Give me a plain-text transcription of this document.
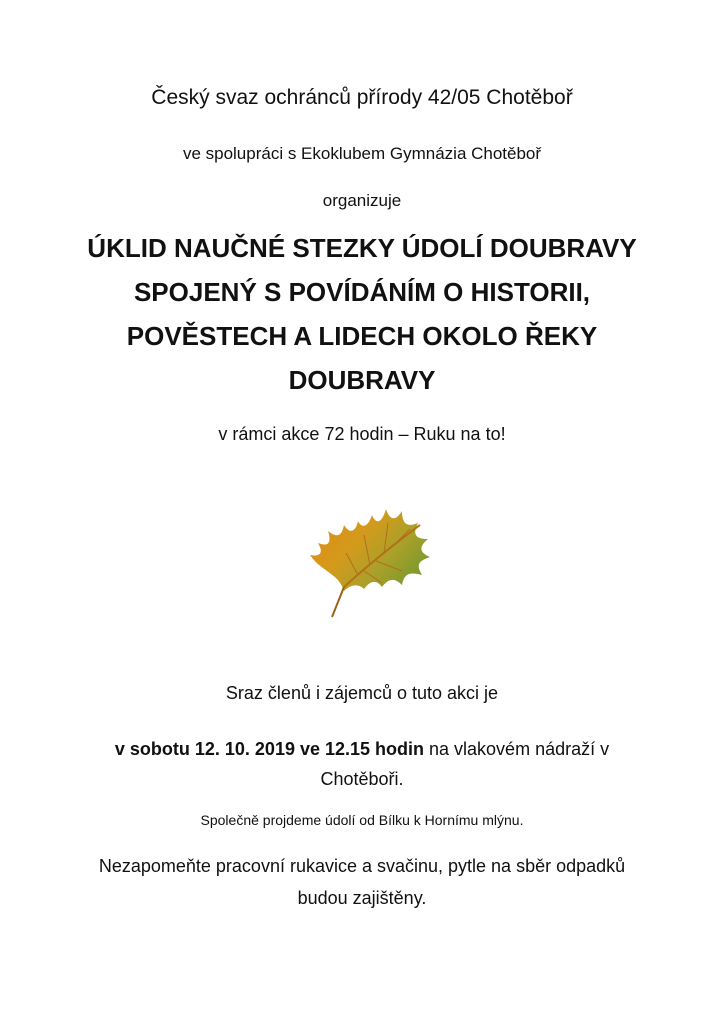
Český svaz ochránců přírody 42/05 Chotěboř
ve spolupráci s Ekoklubem Gymnázia Chotěboř
organizuje
ÚKLID NAUČNÉ STEZKY ÚDOLÍ DOUBRAVY SPOJENÝ S POVÍDÁNÍM O HISTORII, POVĚSTECH A LIDECH OKOLO ŘEKY DOUBRAVY
v rámci akce 72 hodin – Ruku na to!
Sraz členů i zájemců o tuto akci je
v sobotu 12. 10. 2019 ve 12.15 hodin na vlakovém nádraží v Chotěboři.
Společně projdeme údolí od Bílku k Hornímu mlýnu.
Nezapomeňte pracovní rukavice a svačinu, pytle na sběr odpadků budou zajištěny.
